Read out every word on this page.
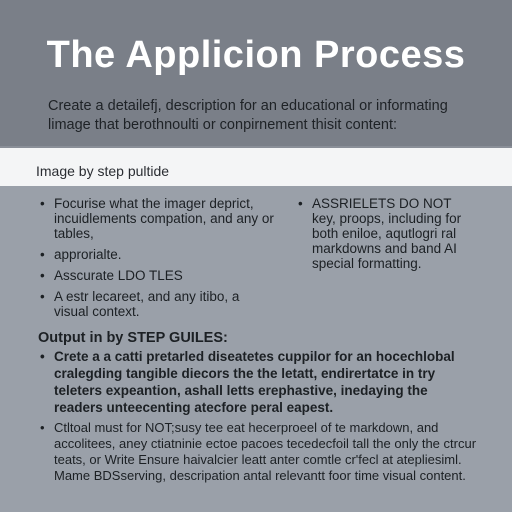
The Applicion Process
Create a detailefj, description for an educational or informating limage that berothnoulti or conpirnement thisit content:
Image by step pultide
• Focurise what the imager deprict, incuidlements compation, and any or tables,
• approrialte.
• Asscurate LDO TLES
• A estr lecareet, and any itibo, a visual context.
• ASSRIELETS DO NOT key, proops, including for both eniloe, aqutlogri ral markdowns and band AI special formatting.
Output in by STEP GUILES:
• Crete a a catti pretarled diseatetes cuppilor for an hocechlobal cralegding tangible diecors the the letatt, endirertatce in try teleters expeantion, ashall letts erephastive, inedaying the readers unteecenting atecfore peral eapest.
• Ctltoal must for NOT;susy tee eat hecerproeel of te markdown, and accolitees, aney ctiatninie ectoe pacoes tecedecfoil tall the only the ctrcur teats, or Write Ensure haivalcier leatt anter comtle cr'fecl at atepliesiml. Mame BDSserving, descripation antal relevantt foor time visual content.
